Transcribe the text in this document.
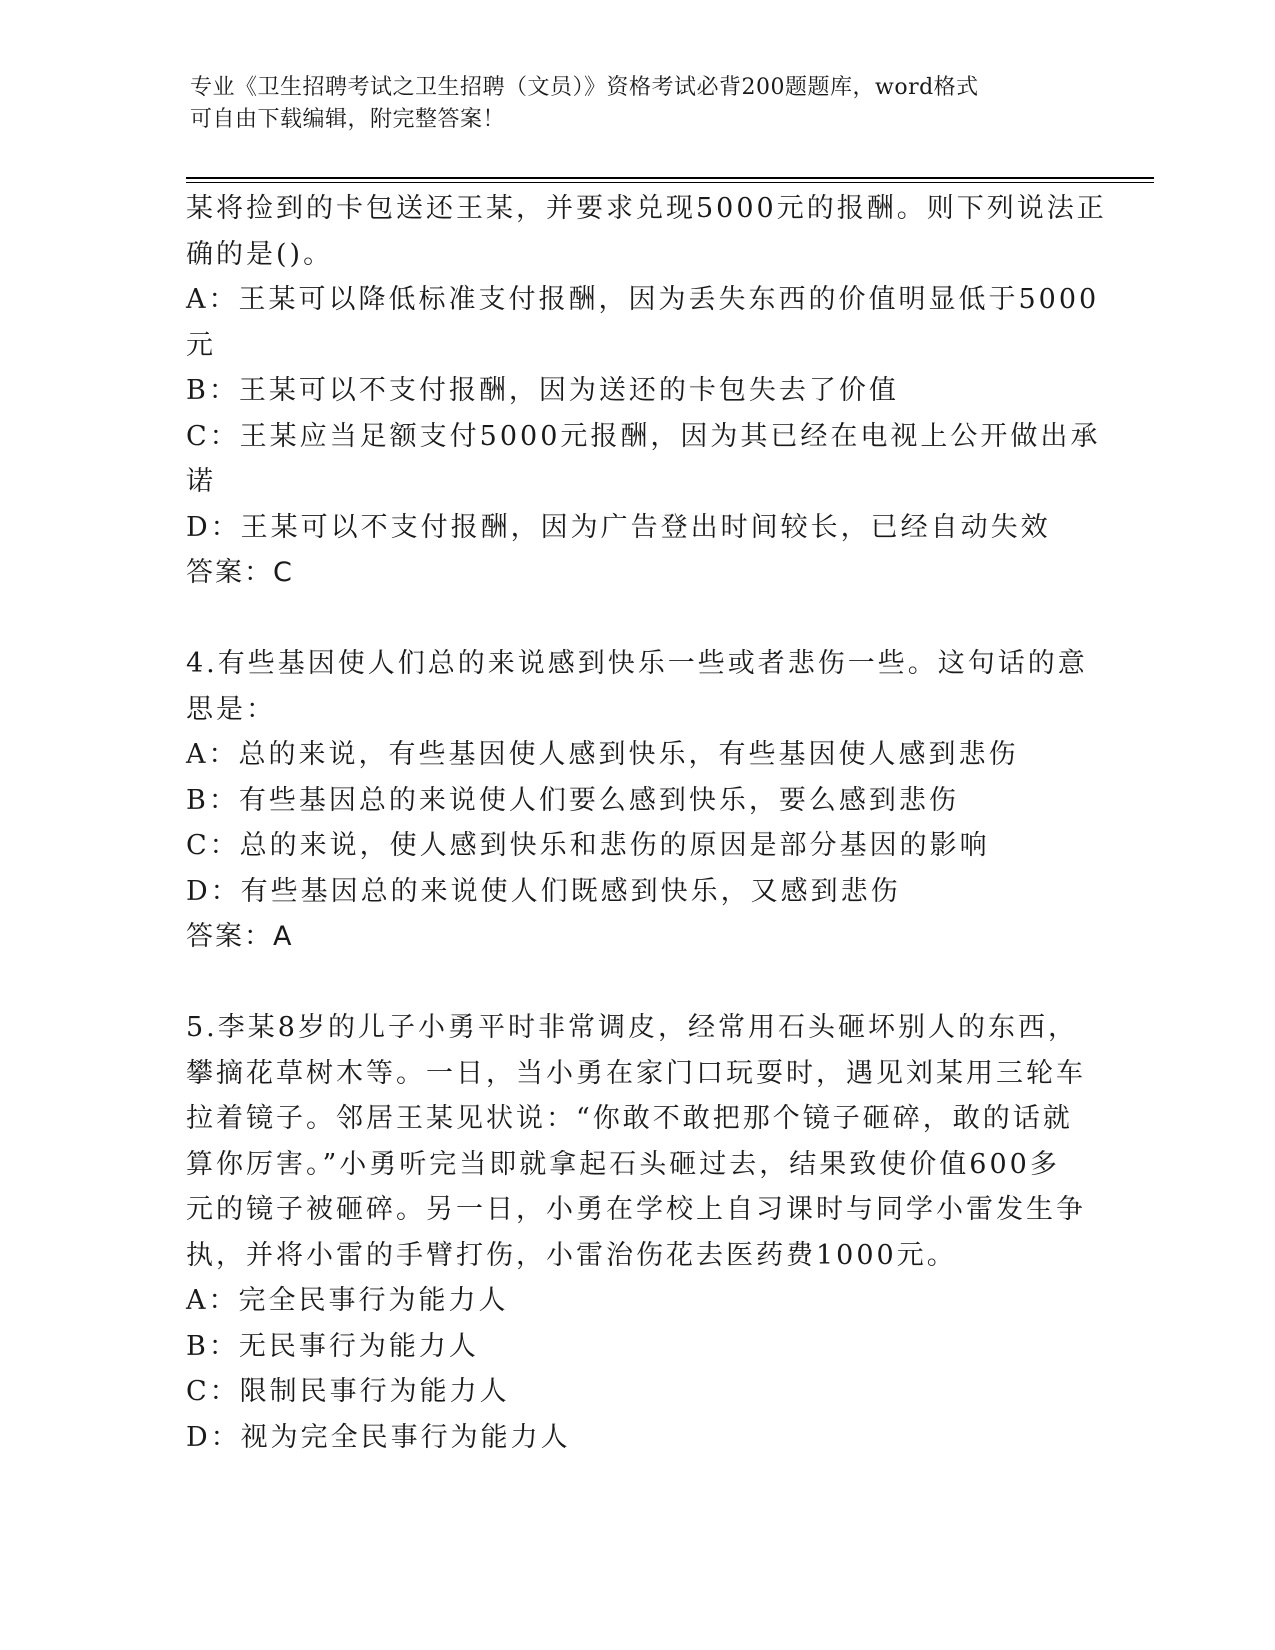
专业《卫生招聘考试之卫生招聘（文员）》资格考试必背200题题库，word格式
可自由下载编辑，附完整答案！
某将捡到的卡包送还王某，并要求兑现5000元的报酬。则下列说法正
确的是()。
A：王某可以降低标准支付报酬，因为丢失东西的价值明显低于5000
元
B：王某可以不支付报酬，因为送还的卡包失去了价值
C：王某应当足额支付5000元报酬，因为其已经在电视上公开做出承
诺
D：王某可以不支付报酬，因为广告登出时间较长，已经自动失效
答案：C
4.有些基因使人们总的来说感到快乐一些或者悲伤一些。这句话的意
思是：
A：总的来说，有些基因使人感到快乐，有些基因使人感到悲伤
B：有些基因总的来说使人们要么感到快乐，要么感到悲伤
C：总的来说，使人感到快乐和悲伤的原因是部分基因的影响
D：有些基因总的来说使人们既感到快乐，又感到悲伤
答案：A
5.李某8岁的儿子小勇平时非常调皮，经常用石头砸坏别人的东西，
攀摘花草树木等。一日，当小勇在家门口玩耍时，遇见刘某用三轮车
拉着镜子。邻居王某见状说：“你敢不敢把那个镜子砸碎，敢的话就
算你厉害。”小勇听完当即就拿起石头砸过去，结果致使价值600多
元的镜子被砸碎。另一日，小勇在学校上自习课时与同学小雷发生争
执，并将小雷的手臂打伤，小雷治伤花去医药费1000元。
A：完全民事行为能力人
B：无民事行为能力人
C：限制民事行为能力人
D：视为完全民事行为能力人
